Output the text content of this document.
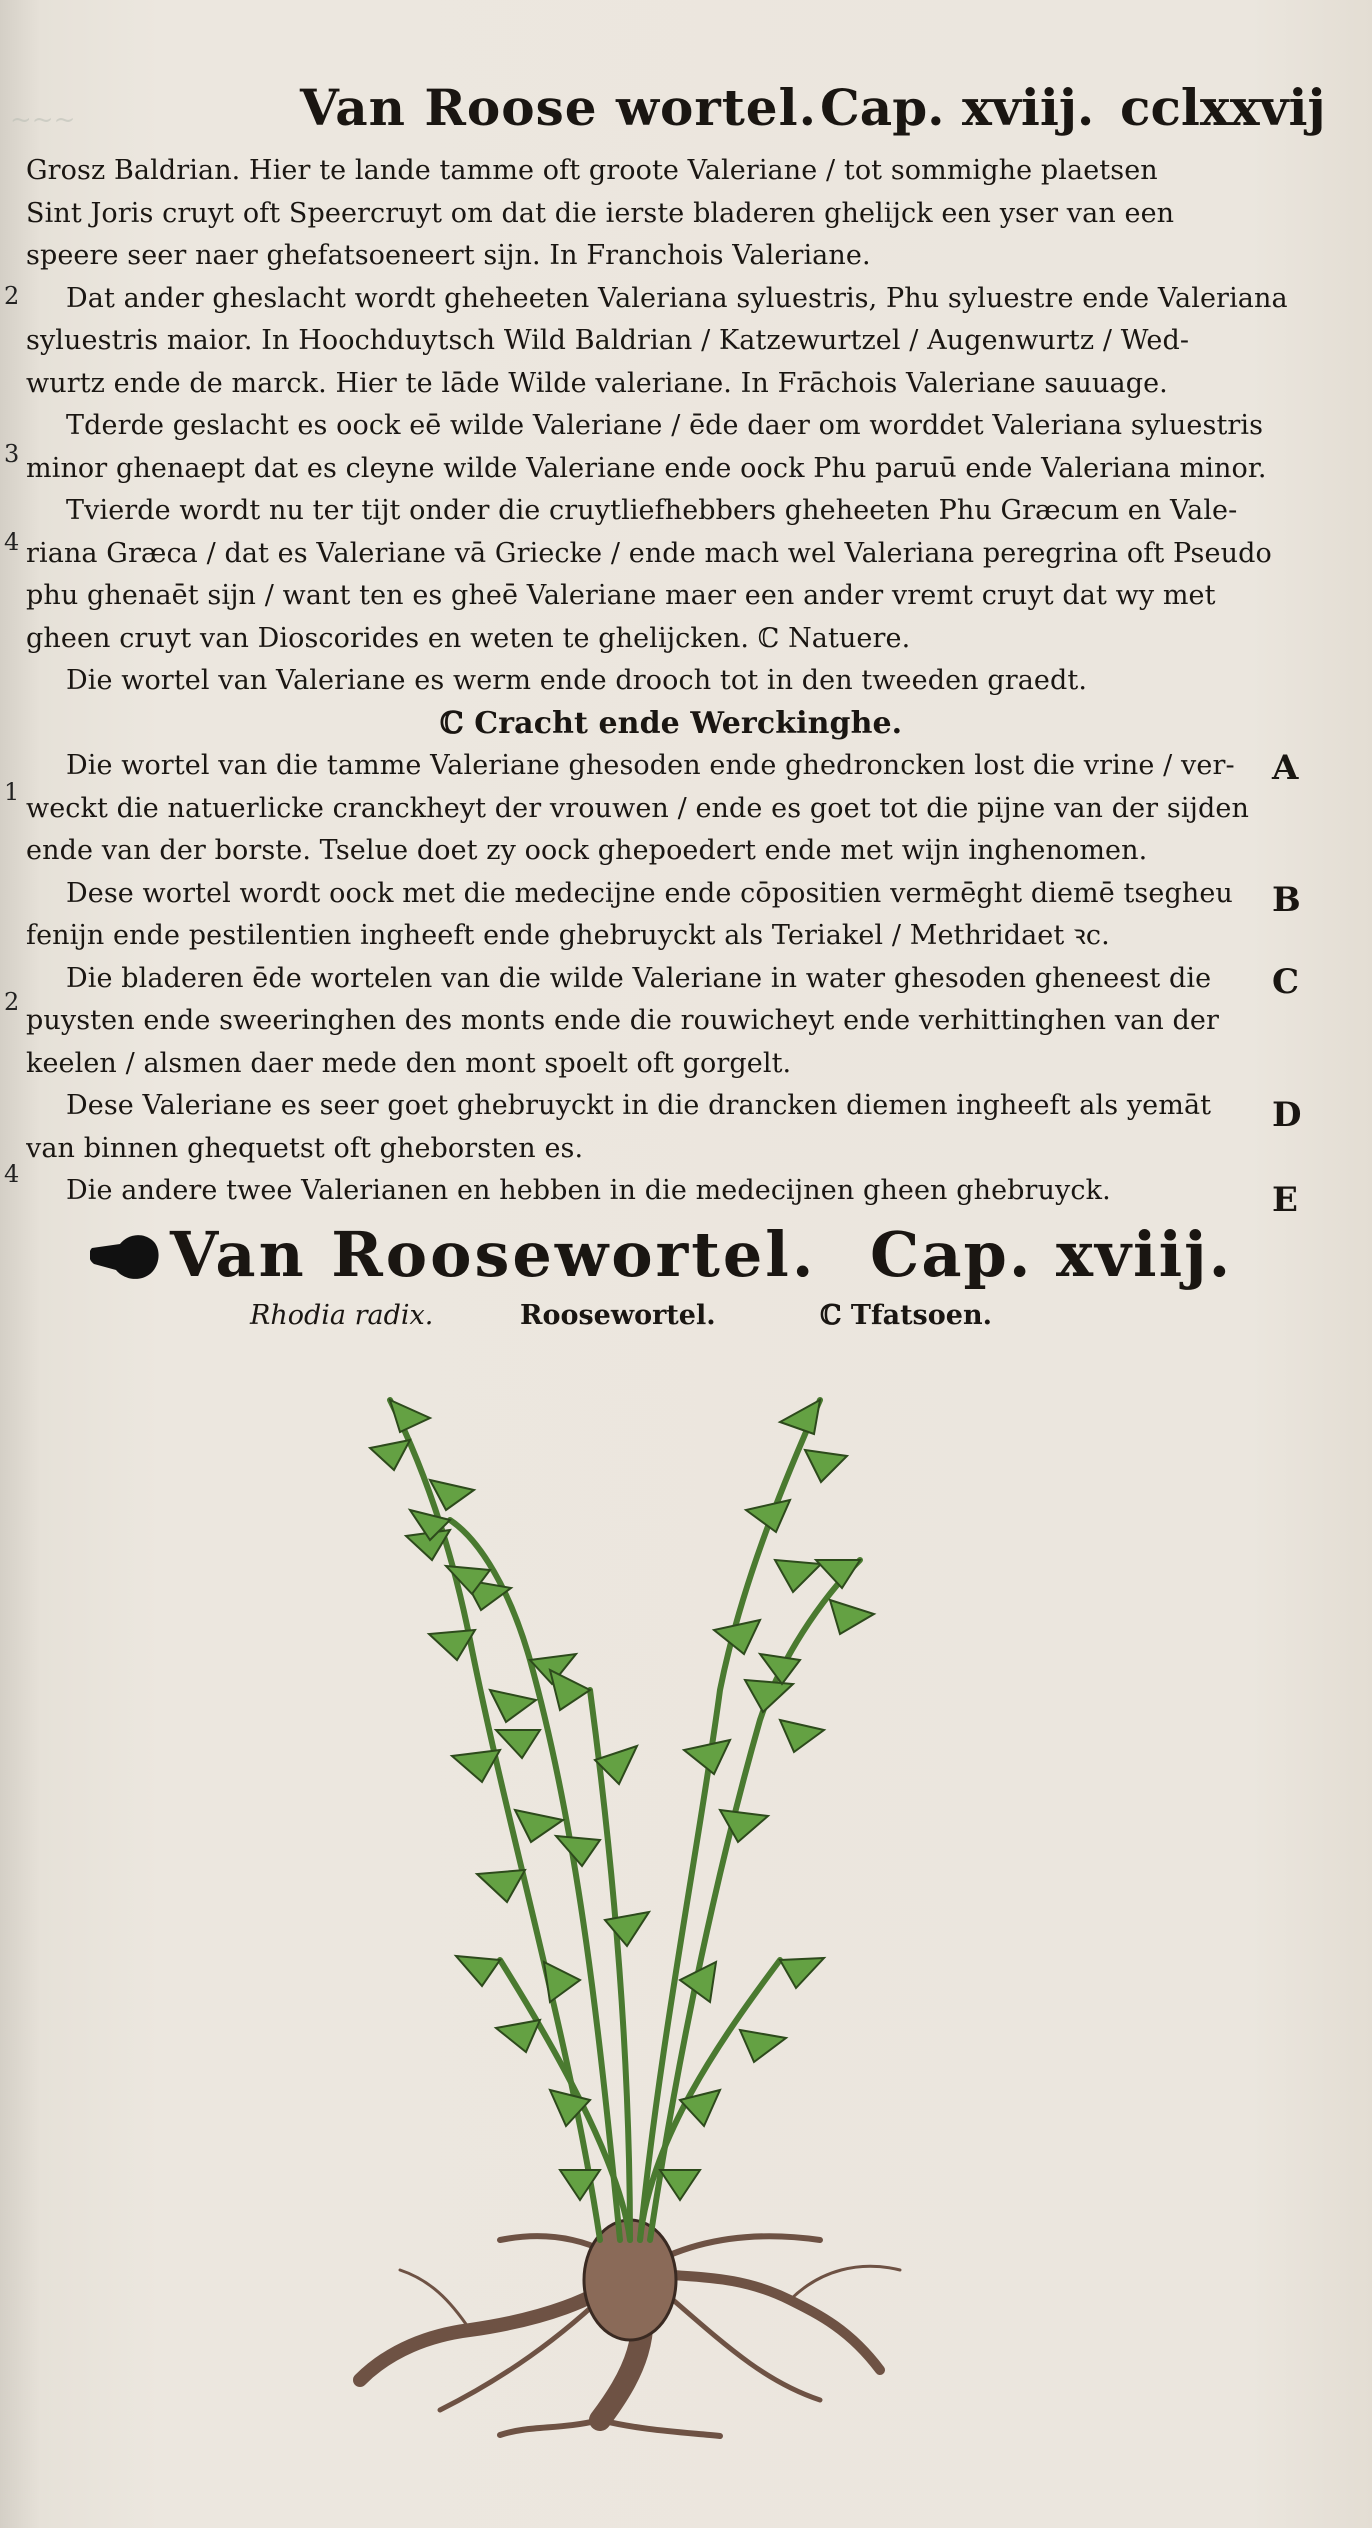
~~~	Van Roose wortel. Cap. xviij. cclxxvij
Grosz Baldrian. Hier te lande tamme oft groote Valeriane / tot sommighe plaetsen
Sint Joris cruyt oft Speercruyt om dat die ierste bladeren ghelijck een yser van een
speere seer naer ghefatsoeneert sijn. In Franchois Valeriane.
Dat ander gheslacht wordt gheheeten Valeriana syluestris, Phu syluestre ende Valeriana
syluestris maior. In Hoochduytsch Wild Baldrian / Katzewurtzel / Augenwurtz / Wed-
wurtz ende de marck. Hier te lāde Wilde valeriane. In Frāchois Valeriane sauuage.
Tderde geslacht es oock eē wilde Valeriane / ēde daer om worddet Valeriana syluestris
minor ghenaept dat es cleyne wilde Valeriane ende oock Phu paruū ende Valeriana minor.
Tvierde wordt nu ter tijt onder die cruytliefhebbers gheheeten Phu Græcum en Vale-
riana Græca / dat es Valeriane vā Griecke / ende mach wel Valeriana peregrina oft Pseudo
phu ghenaēt sijn / want ten es gheē Valeriane maer een ander vremt cruyt dat wy met
gheen cruyt van Dioscorides en weten te ghelijcken. ℂ Natuere.
Die wortel van Valeriane es werm ende drooch tot in den tweeden graedt.
ℂ Cracht ende Werckinghe.
Die wortel van die tamme Valeriane ghesoden ende ghedroncken lost die vrine / ver-
weckt die natuerlicke cranckheyt der vrouwen / ende es goet tot die pijne van der sijden
ende van der borste. Tselue doet zy oock ghepoedert ende met wijn inghenomen.
Dese wortel wordt oock met die medecijne ende cōpositien vermēght diemē tsegheu
fenijn ende pestilentien ingheeft ende ghebruyckt als Teriakel / Methridaet ꝛc.
Die bladeren ēde wortelen van die wilde Valeriane in water ghesoden gheneest die
puysten ende sweeringhen des monts ende die rouwicheyt ende verhittinghen van der
keelen / alsmen daer mede den mont spoelt oft gorgelt.
Dese Valeriane es seer goet ghebruyckt in die drancken diemen ingheeft als yemāt
van binnen ghequetst oft gheborsten es.
Die andere twee Valerianen en hebben in die medecijnen gheen ghebruyck.
2
3
4
1
2
4
A
B
C
D
E
Van Roosewortel. Cap. xviij.
Rhodia radix.	Roosewortel.	ℂ Tfatsoen.
